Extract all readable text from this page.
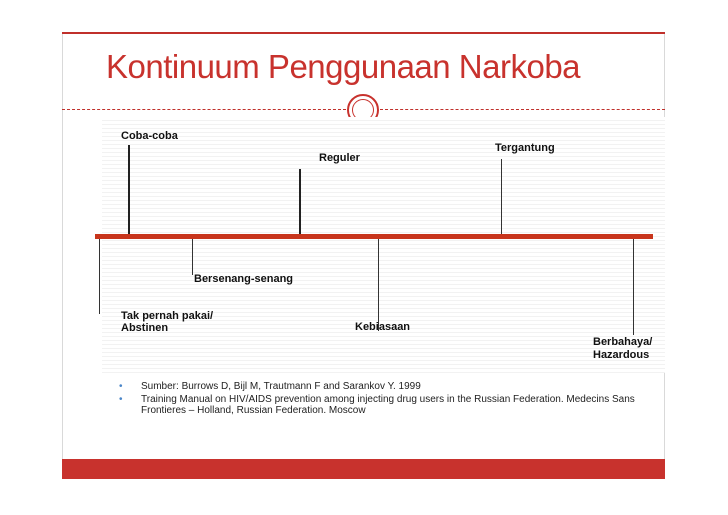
Kontinuum Penggunaan Narkoba
Coba-coba
Reguler
Tergantung
Bersenang-senang
Tak pernah pakai/
Abstinen	Kebiasaan
Berbahaya/
Hazardous
• Sumber: Burrows D, Bijl M, Trautmann F and Sarankov Y. 1999
• Training Manual on HIV/AIDS prevention among injecting drug users in the Russian Federation. Medecins Sans Frontieres – Holland, Russian Federation. Moscow
